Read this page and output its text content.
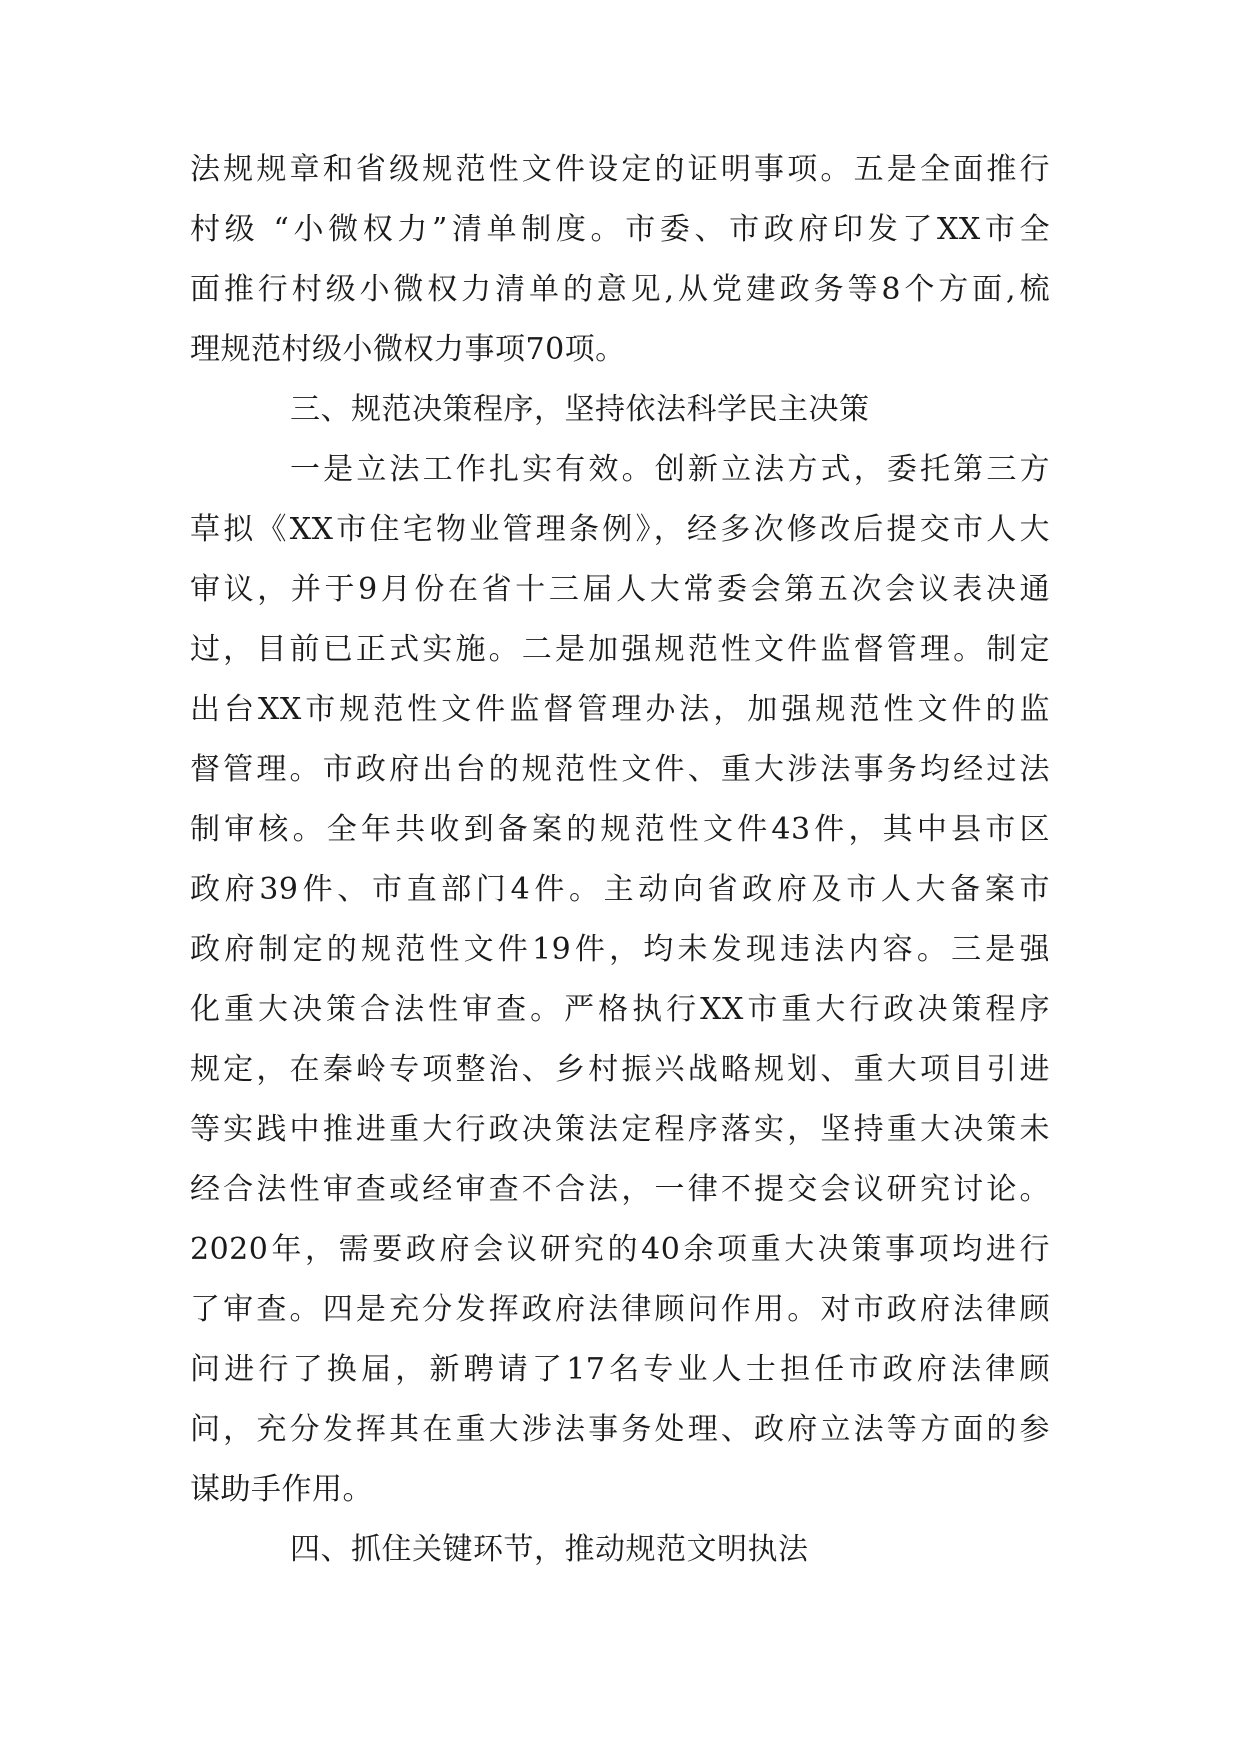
法规规章和省级规范性文件设定的证明事项。五是全面推行
村级 “小微权力”清单制度。市委、市政府印发了XX市全
面推行村级小微权力清单的意见,从党建政务等8个方面,梳
理规范村级小微权力事项70项。
三、规范决策程序，坚持依法科学民主决策
一是立法工作扎实有效。创新立法方式，委托第三方
草拟《XX市住宅物业管理条例》，经多次修改后提交市人大
审议，并于9月份在省十三届人大常委会第五次会议表决通
过，目前已正式实施。二是加强规范性文件监督管理。制定
出台XX市规范性文件监督管理办法，加强规范性文件的监
督管理。市政府出台的规范性文件、重大涉法事务均经过法
制审核。全年共收到备案的规范性文件43件，其中县市区
政府39件、市直部门4件。主动向省政府及市人大备案市
政府制定的规范性文件19件，均未发现违法内容。三是强
化重大决策合法性审查。严格执行XX市重大行政决策程序
规定，在秦岭专项整治、乡村振兴战略规划、重大项目引进
等实践中推进重大行政决策法定程序落实，坚持重大决策未
经合法性审查或经审查不合法，一律不提交会议研究讨论。
2020年，需要政府会议研究的40余项重大决策事项均进行
了审查。四是充分发挥政府法律顾问作用。对市政府法律顾
问进行了换届，新聘请了17名专业人士担任市政府法律顾
问，充分发挥其在重大涉法事务处理、政府立法等方面的参
谋助手作用。
四、抓住关键环节，推动规范文明执法
